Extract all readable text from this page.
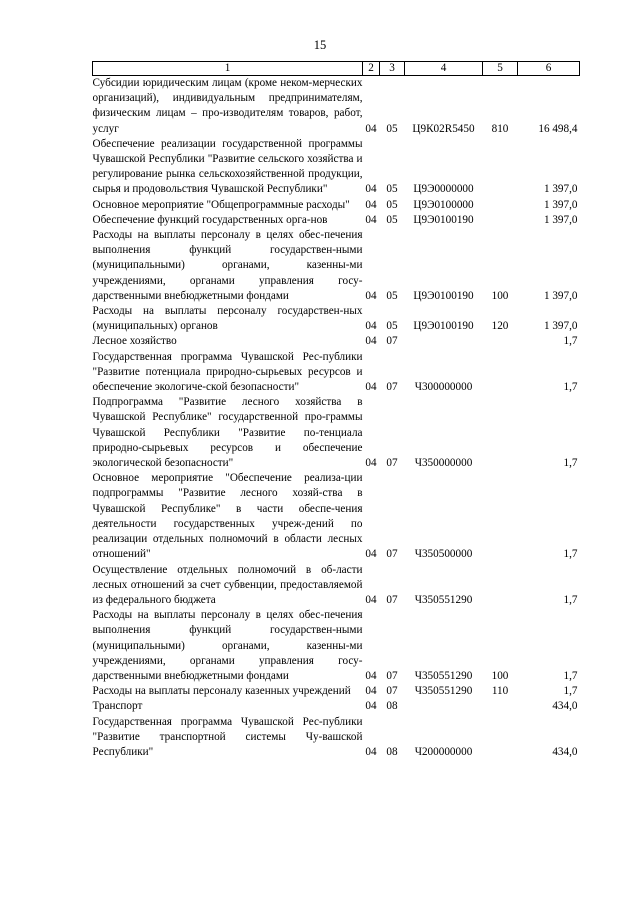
15
1	2	3	4	5	6
Субсидии юридическим лицам (кроме неком-мерческих организаций), индивидуальным предпринимателям, физическим лицам – про-изводителям товаров, работ, услуг	04	05	Ц9К02R5450	810	16 498,4
Обеспечение реализации государственной программы Чувашской Республики "Развитие сельского хозяйства и регулирование рынка сельскохозяйственной продукции, сырья и продовольствия Чувашской Республики"	04	05	Ц9Э0000000		1 397,0
Основное мероприятие "Общепрограммные расходы"	04	05	Ц9Э0100000		1 397,0
Обеспечение функций государственных орга-нов	04	05	Ц9Э0100190		1 397,0
Расходы на выплаты персоналу в целях обес-печения выполнения функций государствен-ными (муниципальными) органами, казенны-ми учреждениями, органами управления госу-дарственными внебюджетными фондами	04	05	Ц9Э0100190	100	1 397,0
Расходы на выплаты персоналу государствен-ных (муниципальных) органов	04	05	Ц9Э0100190	120	1 397,0
Лесное хозяйство	04	07			1,7
Государственная программа Чувашской Рес-публики "Развитие потенциала природно-сырьевых ресурсов и обеспечение экологиче-ской безопасности"	04	07	Ч300000000		1,7
Подпрограмма "Развитие лесного хозяйства в Чувашской Республике" государственной про-граммы Чувашской Республики "Развитие по-тенциала природно-сырьевых ресурсов и обеспечение экологической безопасности"	04	07	Ч350000000		1,7
Основное мероприятие "Обеспечение реализа-ции подпрограммы "Развитие лесного хозяй-ства в Чувашской Республике" в части обеспе-чения деятельности государственных учреж-дений по реализации отдельных полномочий в области лесных отношений"	04	07	Ч350500000		1,7
Осуществление отдельных полномочий в об-ласти лесных отношений за счет субвенции, предоставляемой из федерального бюджета	04	07	Ч350551290		1,7
Расходы на выплаты персоналу в целях обес-печения выполнения функций государствен-ными (муниципальными) органами, казенны-ми учреждениями, органами управления госу-дарственными внебюджетными фондами	04	07	Ч350551290	100	1,7
Расходы на выплаты персоналу казенных учреждений	04	07	Ч350551290	110	1,7
Транспорт	04	08			434,0
Государственная программа Чувашской Рес-публики "Развитие транспортной системы Чу-вашской Республики"	04	08	Ч200000000		434,0
